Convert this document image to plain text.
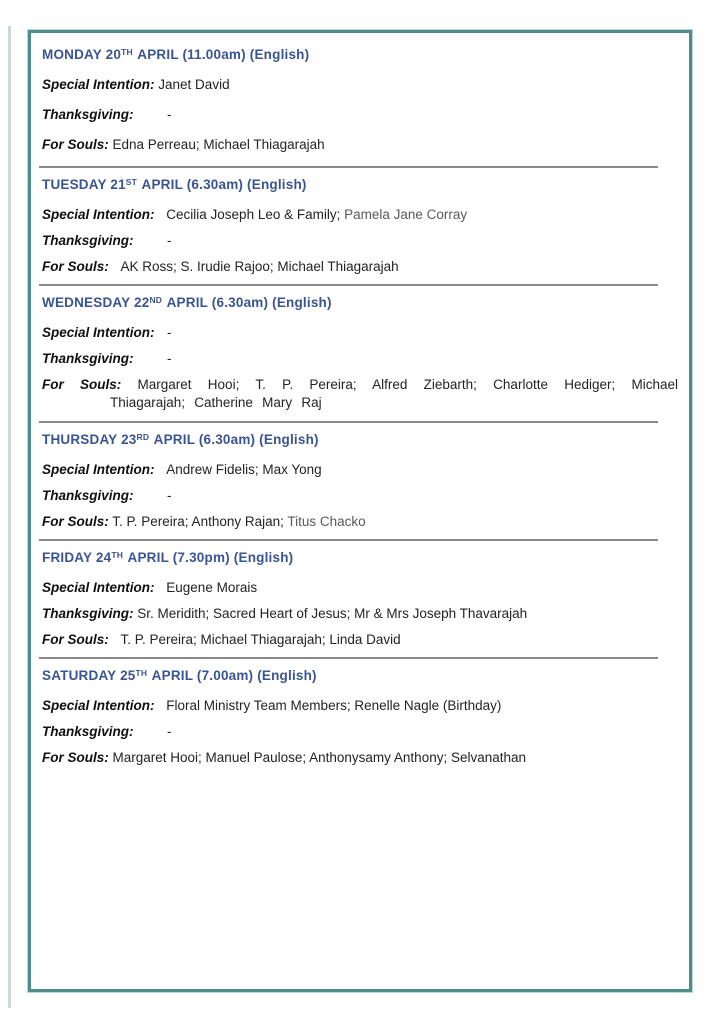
MONDAY 20TH APRIL (11.00am) (English)

Special Intention: Janet David

Thanksgiving: -

For Souls: Edna Perreau; Michael Thiagarajah

TUESDAY 21ST APRIL (6.30am) (English)

Special Intention: Cecilia Joseph Leo & Family; Pamela Jane Corray

Thanksgiving: -

For Souls: AK Ross; S. Irudie Rajoo; Michael Thiagarajah

WEDNESDAY 22ND APRIL (6.30am) (English)

Special Intention: -

Thanksgiving: -

For Souls: Margaret Hooi; T. P. Pereira; Alfred Ziebarth; Charlotte Hediger; Michael Thiagarajah; Catherine Mary Raj

THURSDAY 23RD APRIL (6.30am) (English)

Special Intention: Andrew Fidelis; Max Yong

Thanksgiving: -

For Souls: T. P. Pereira; Anthony Rajan; Titus Chacko

FRIDAY 24TH APRIL (7.30pm) (English)

Special Intention: Eugene Morais

Thanksgiving: Sr. Meridith; Sacred Heart of Jesus; Mr & Mrs Joseph Thavarajah

For Souls: T. P. Pereira; Michael Thiagarajah; Linda David

SATURDAY 25TH APRIL (7.00am) (English)

Special Intention: Floral Ministry Team Members; Renelle Nagle (Birthday)

Thanksgiving: -

For Souls: Margaret Hooi; Manuel Paulose; Anthonysamy Anthony; Selvanathan
